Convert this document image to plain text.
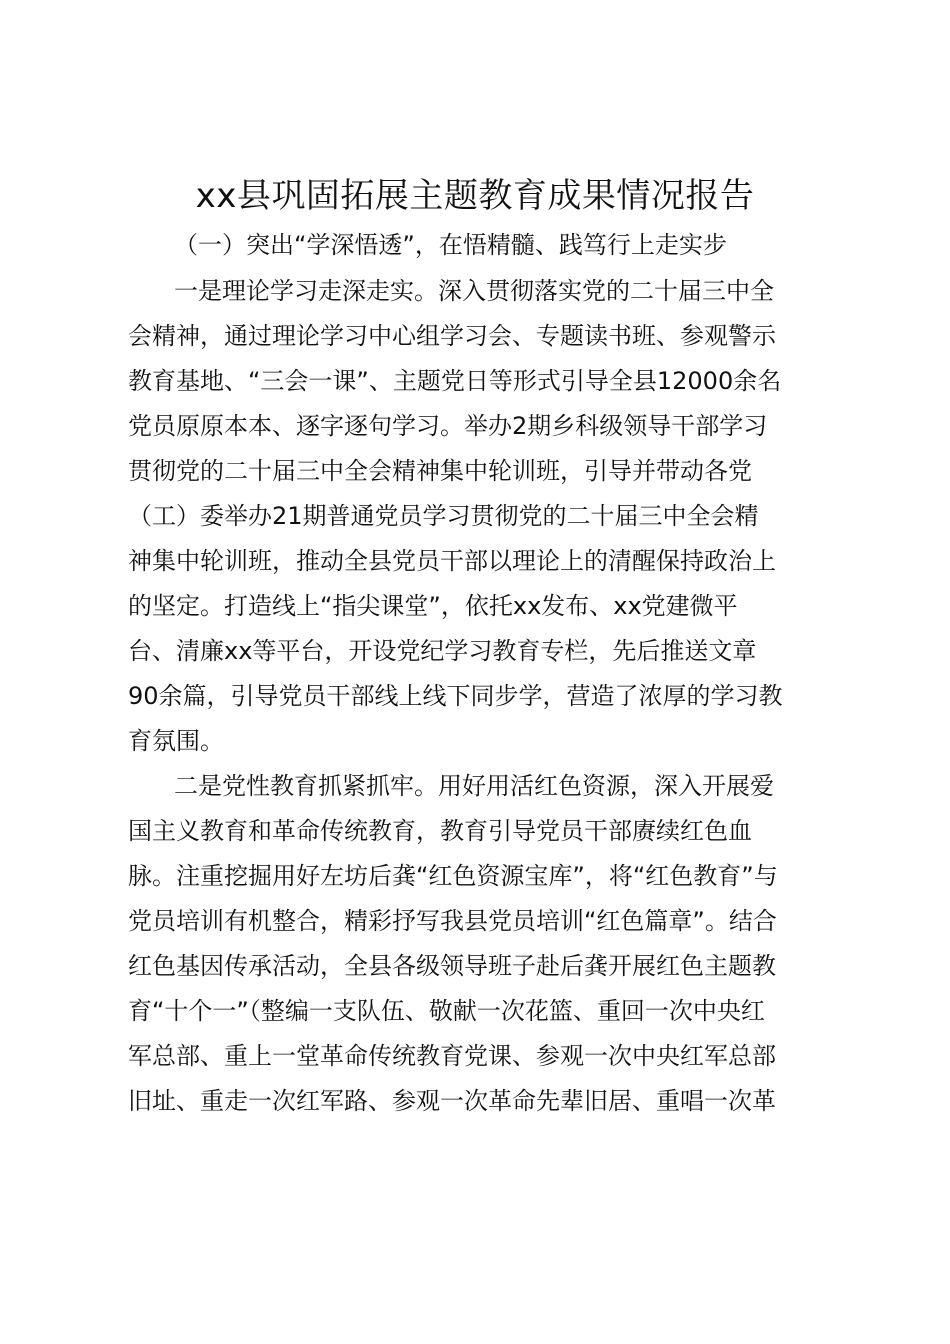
xx县巩固拓展主题教育成果情况报告
（一）突出“学深悟透”，在悟精髓、践笃行上走实步
一是理论学习走深走实。深入贯彻落实党的二十届三中全
会精神，通过理论学习中心组学习会、专题读书班、参观警示
教育基地、“三会一课”、主题党日等形式引导全县12000余名
党员原原本本、逐字逐句学习。举办2期乡科级领导干部学习
贯彻党的二十届三中全会精神集中轮训班，引导并带动各党
（工）委举办21期普通党员学习贯彻党的二十届三中全会精
神集中轮训班，推动全县党员干部以理论上的清醒保持政治上
的坚定。打造线上“指尖课堂”，依托xx发布、xx党建微平
台、清廉xx等平台，开设党纪学习教育专栏，先后推送文章
90余篇，引导党员干部线上线下同步学，营造了浓厚的学习教
育氛围。
二是党性教育抓紧抓牢。用好用活红色资源，深入开展爱
国主义教育和革命传统教育，教育引导党员干部赓续红色血
脉。注重挖掘用好左坊后龚“红色资源宝库”，将“红色教育”与
党员培训有机整合，精彩抒写我县党员培训“红色篇章”。结合
红色基因传承活动，全县各级领导班子赴后龚开展红色主题教
育“十个一”（整编一支队伍、敬献一次花篮、重回一次中央红
军总部、重上一堂革命传统教育党课、参观一次中央红军总部
旧址、重走一次红军路、参观一次革命先辈旧居、重唱一次革
